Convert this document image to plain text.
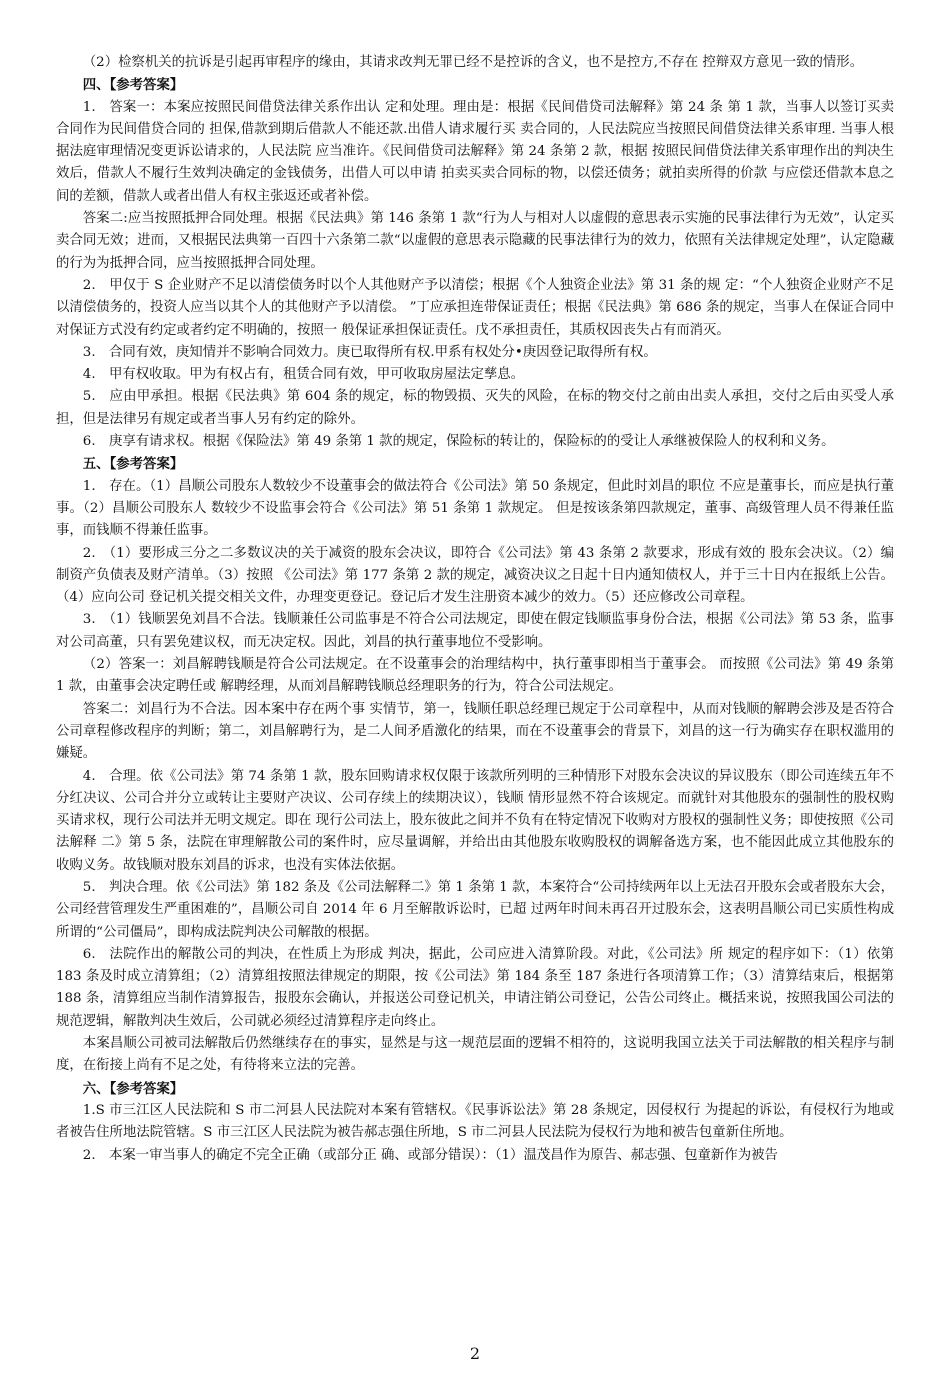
（2）检察机关的抗诉是引起再审程序的缘由，其请求改判无罪已经不是控诉的含义，也不是控方,不存在 控辩双方意见一致的情形。

四、【参考答案】

1.　答案一：本案应按照民间借贷法律关系作出认 定和处理。理由是：根据《民间借贷司法解释》第 24 条 第 1 款，当事人以签订买卖合同作为民间借贷合同的 担保,借款到期后借款人不能还款.出借人请求履行买 卖合同的，人民法院应当按照民间借贷法律关系审理. 当事人根据法庭审理情况变更诉讼请求的，人民法院 应当准许。《民间借贷司法解释》第 24 条第 2 款，根据 按照民间借贷法律关系审理作出的判决生效后，借款人不履行生效判决确定的金钱债务，出借人可以申请 拍卖买卖合同标的物，以偿还债务；就拍卖所得的价款 与应偿还借款本息之间的差额，借款人或者出借人有权主张返还或者补偿。

答案二:应当按照抵押合同处理。根据《民法典》第 146 条第 1 款“行为人与相对人以虚假的意思表示实施的民事法律行为无效”，认定买卖合同无效；进而，又根据民法典第一百四十六条第二款“以虚假的意思表示隐藏的民事法律行为的效力，依照有关法律规定处理”，认定隐藏的行为为抵押合同，应当按照抵押合同处理。

2.　甲仅于 S 企业财产不足以清偿债务时以个人其他财产予以清偿；根据《个人独资企业法》第 31 条的规 定：“个人独资企业财产不足以清偿债务的，投资人应当以其个人的其他财产予以清偿。 ”丁应承担连带保证责任；根据《民法典》第 686 条的规定，当事人在保证合同中对保证方式没有约定或者约定不明确的，按照一 般保证承担保证责任。戊不承担责任，其质权因丧失占有而消灭。

3.　合同有效，庚知情并不影响合同效力。庚已取得所有权.甲系有权处分•庚因登记取得所有权。

4.　甲有权收取。甲为有权占有，租赁合同有效，甲可收取房屋法定孳息。

5.　应由甲承担。根据《民法典》第 604 条的规定，标的物毁损、灭失的风险，在标的物交付之前由出卖人承担，交付之后由买受人承担，但是法律另有规定或者当事人另有约定的除外。

6.　庚享有请求权。根据《保险法》第 49 条第 1 款的规定，保险标的转让的，保险标的的受让人承继被保险人的权利和义务。

五、【参考答案】

1.　存在。（1）昌顺公司股东人数较少不设董事会的做法符合《公司法》第 50 条规定，但此时刘昌的职位 不应是董事长，而应是执行董事。（2）昌顺公司股东人 数较少不设监事会符合《公司法》第 51 条第 1 款规定。 但是按该条第四款规定，董事、高级管理人员不得兼任监事，而钱顺不得兼任监事。

2.　（1）要形成三分之二多数议决的关于减资的股东会决议，即符合《公司法》第 43 条第 2 款要求，形成有效的 股东会决议。（2）编制资产负债表及财产清单。（3）按照 《公司法》第 177 条第 2 款的规定，减资决议之日起十日内通知债权人，并于三十日内在报纸上公告。（4）应向公司 登记机关提交相关文件，办理变更登记。登记后才发生注册资本减少的效力。（5）还应修改公司章程。

3.　（1）钱顺罢免刘昌不合法。钱顺兼任公司监事是不符合公司法规定，即使在假定钱顺监事身份合法，根据《公司法》第 53 条，监事对公司高董，只有罢免建议权，而无决定权。因此，刘昌的执行董事地位不受影响。

（2）答案一：刘昌解聘钱顺是符合公司法规定。在不设董事会的治理结构中，执行董事即相当于董事会。 而按照《公司法》第 49 条第 1 款，由董事会决定聘任或 解聘经理，从而刘昌解聘钱顺总经理职务的行为，符合公司法规定。

答案二：刘昌行为不合法。因本案中存在两个事 实情节，第一，钱顺任职总经理已规定于公司章程中，从而对钱顺的解聘会涉及是否符合公司章程修改程序的判断；第二，刘昌解聘行为，是二人间矛盾激化的结果，而在不设董事会的背景下，刘昌的这一行为确实存在职权滥用的嫌疑。

4.　合理。依《公司法》第 74 条第 1 款，股东回购请求权仅限于该款所列明的三种情形下对股东会决议的异议股东（即公司连续五年不分红决议、公司合并分立或转让主要财产决议、公司存续上的续期决议），钱顺 情形显然不符合该规定。而就针对其他股东的强制性的股权购买请求权，现行公司法并无明文规定。即在 现行公司法上，股东彼此之间并不负有在特定情况下收购对方股权的强制性义务；即使按照《公司法解释 二》第 5 条，法院在审理解散公司的案件时，应尽量调解，并给出由其他股东收购股权的调解备选方案，也不能因此成立其他股东的收购义务。故钱顺对股东刘昌的诉求，也没有实体法依据。

5.　判决合理。依《公司法》第 182 条及《公司法解释二》第 1 条第 1 款，本案符合“公司持续两年以上无法召开股东会或者股东大会，公司经营管理发生严重困难的”，昌顺公司自 2014 年 6 月至解散诉讼时，已超 过两年时间未再召开过股东会，这表明昌顺公司已实质性构成所谓的“公司僵局”，即构成法院判决公司解散的根据。

6.　法院作出的解散公司的判决，在性质上为形成 判决，据此，公司应进入清算阶段。对此，《公司法》所 规定的程序如下：（1）依第 183 条及时成立清算组；（2）清算组按照法律规定的期限，按《公司法》第 184 条至 187 条进行各项清算工作；（3）清算结束后，根据第 188 条，清算组应当制作清算报告，报股东会确认，并报送公司登记机关，申请注销公司登记，公告公司终止。概括来说，按照我国公司法的规范逻辑，解散判决生效后，公司就必须经过清算程序走向终止。

本案昌顺公司被司法解散后仍然继续存在的事实，显然是与这一规范层面的逻辑不相符的，这说明我国立法关于司法解散的相关程序与制度，在衔接上尚有不足之处，有待将来立法的完善。

六、【参考答案】

1.S 市三江区人民法院和 S 市二河县人民法院对本案有管辖权。《民事诉讼法》第 28 条规定，因侵权行 为提起的诉讼，有侵权行为地或者被告住所地法院管辖。S 市三江区人民法院为被告郝志强住所地，S 市二河县人民法院为侵权行为地和被告包童新住所地。

2.　本案一审当事人的确定不完全正确（或部分正 确、或部分错误）：（1）温茂昌作为原告、郝志强、包童新作为被告

2
